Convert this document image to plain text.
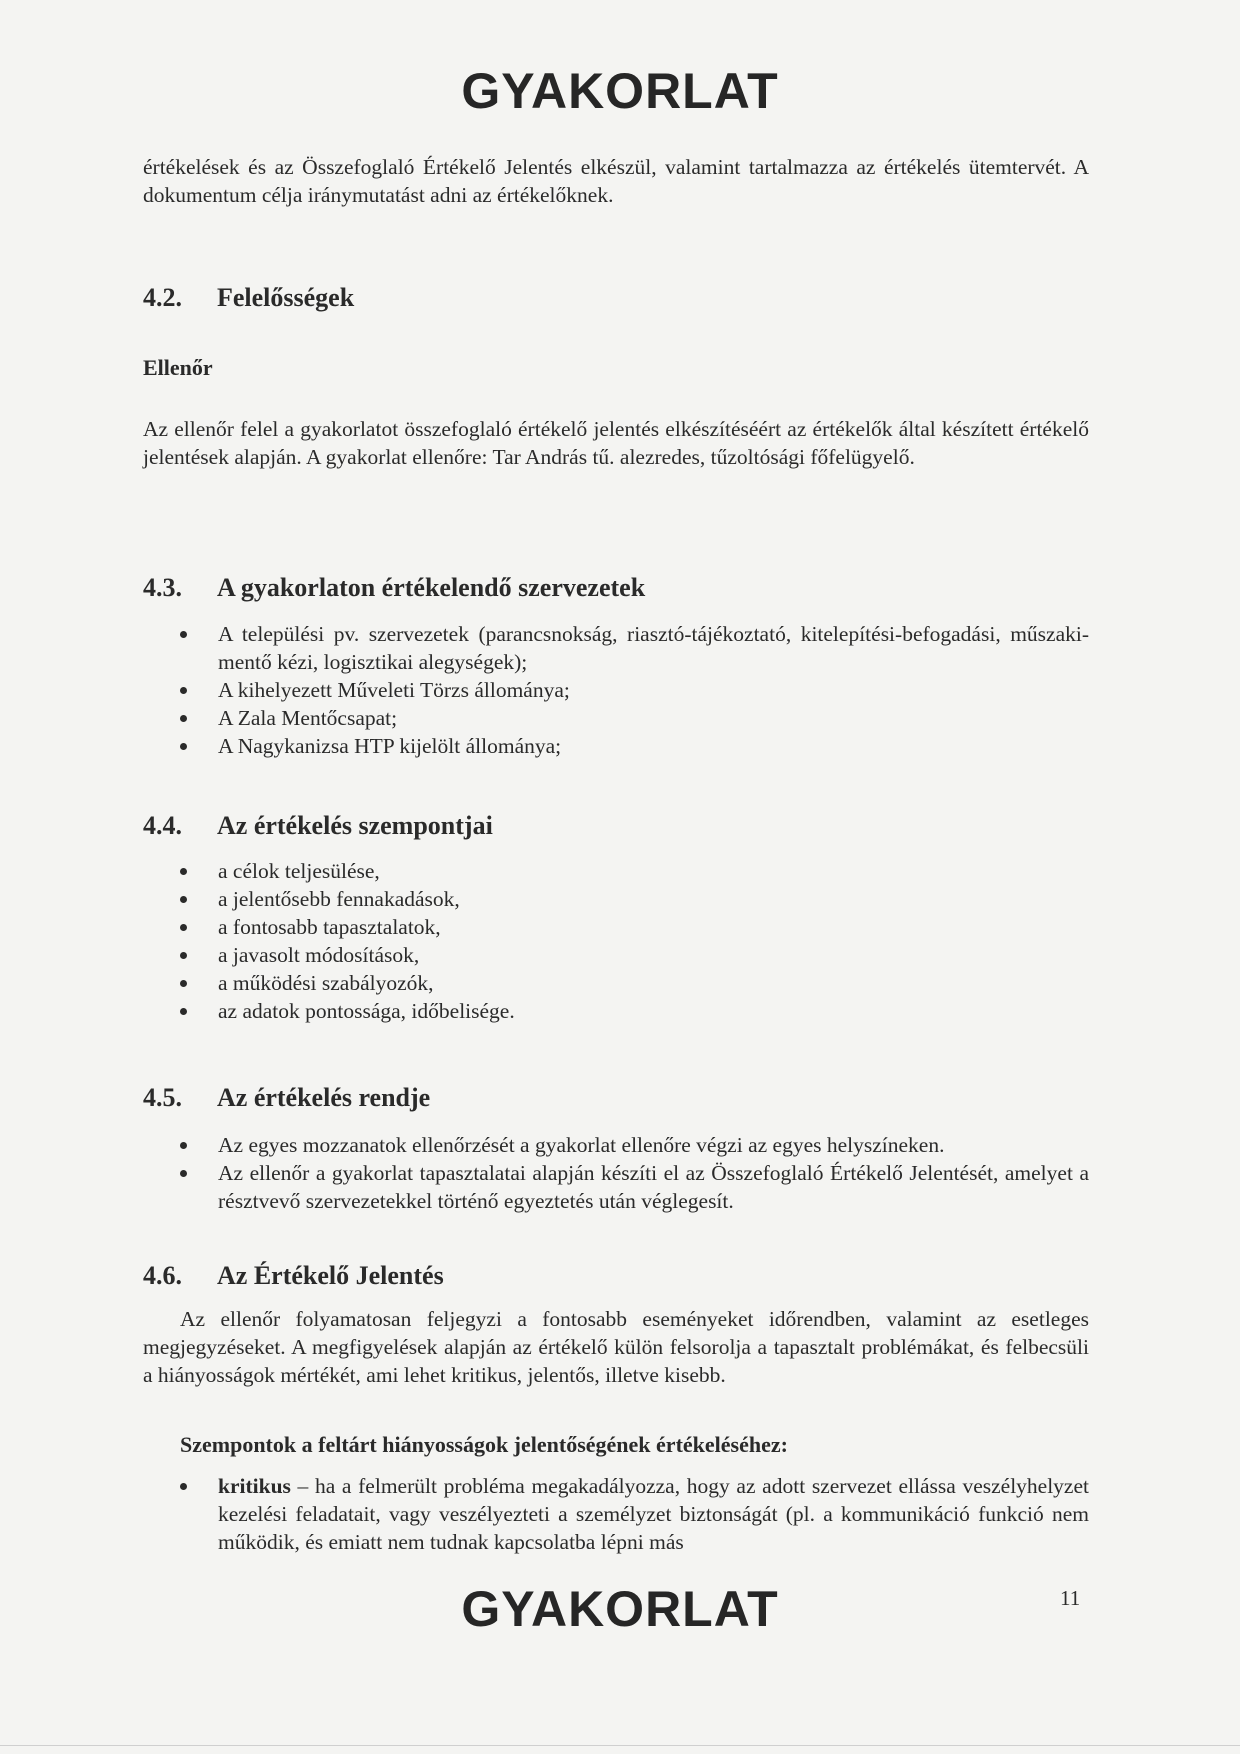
GYAKORLAT

értékelések és az Összefoglaló Értékelő Jelentés elkészül, valamint tartalmazza az értékelés ütemtervét. A dokumentum célja iránymutatást adni az értékelőknek.

4.2. Felelősségek
Ellenőr

Az ellenőr felel a gyakorlatot összefoglaló értékelő jelentés elkészítéséért az értékelők által készített értékelő jelentések alapján. A gyakorlat ellenőre: Tar András tű. alezredes, tűzoltósági főfelügyelő.

4.3. A gyakorlaton értékelendő szervezetek
A települési pv. szervezetek (parancsnokság, riasztó-tájékoztató, kitelepítési-befogadási, műszaki-mentő kézi, logisztikai alegységek);
A kihelyezett Műveleti Törzs állománya;
A Zala Mentőcsapat;
A Nagykanizsa HTP kijelölt állománya;
4.4. Az értékelés szempontjai
a célok teljesülése,
a jelentősebb fennakadások,
a fontosabb tapasztalatok,
a javasolt módosítások,
a működési szabályozók,
az adatok pontossága, időbelisége.
4.5. Az értékelés rendje
Az egyes mozzanatok ellenőrzését a gyakorlat ellenőre végzi az egyes helyszíneken.
Az ellenőr a gyakorlat tapasztalatai alapján készíti el az Összefoglaló Értékelő Jelentését, amelyet a résztvevő szervezetekkel történő egyeztetés után véglegesít.
4.6. Az Értékelő Jelentés

Az ellenőr folyamatosan feljegyzi a fontosabb eseményeket időrendben, valamint az esetleges megjegyzéseket. A megfigyelések alapján az értékelő külön felsorolja a tapasztalt problémákat, és felbecsüli a hiányosságok mértékét, ami lehet kritikus, jelentős, illetve kisebb.

Szempontok a feltárt hiányosságok jelentőségének értékeléséhez:
kritikus – ha a felmerült probléma megakadályozza, hogy az adott szervezet ellássa veszélyhelyzet kezelési feladatait, vagy veszélyezteti a személyzet biztonságát (pl. a kommunikáció funkció nem működik, és emiatt nem tudnak kapcsolatba lépni más
GYAKORLAT	11
